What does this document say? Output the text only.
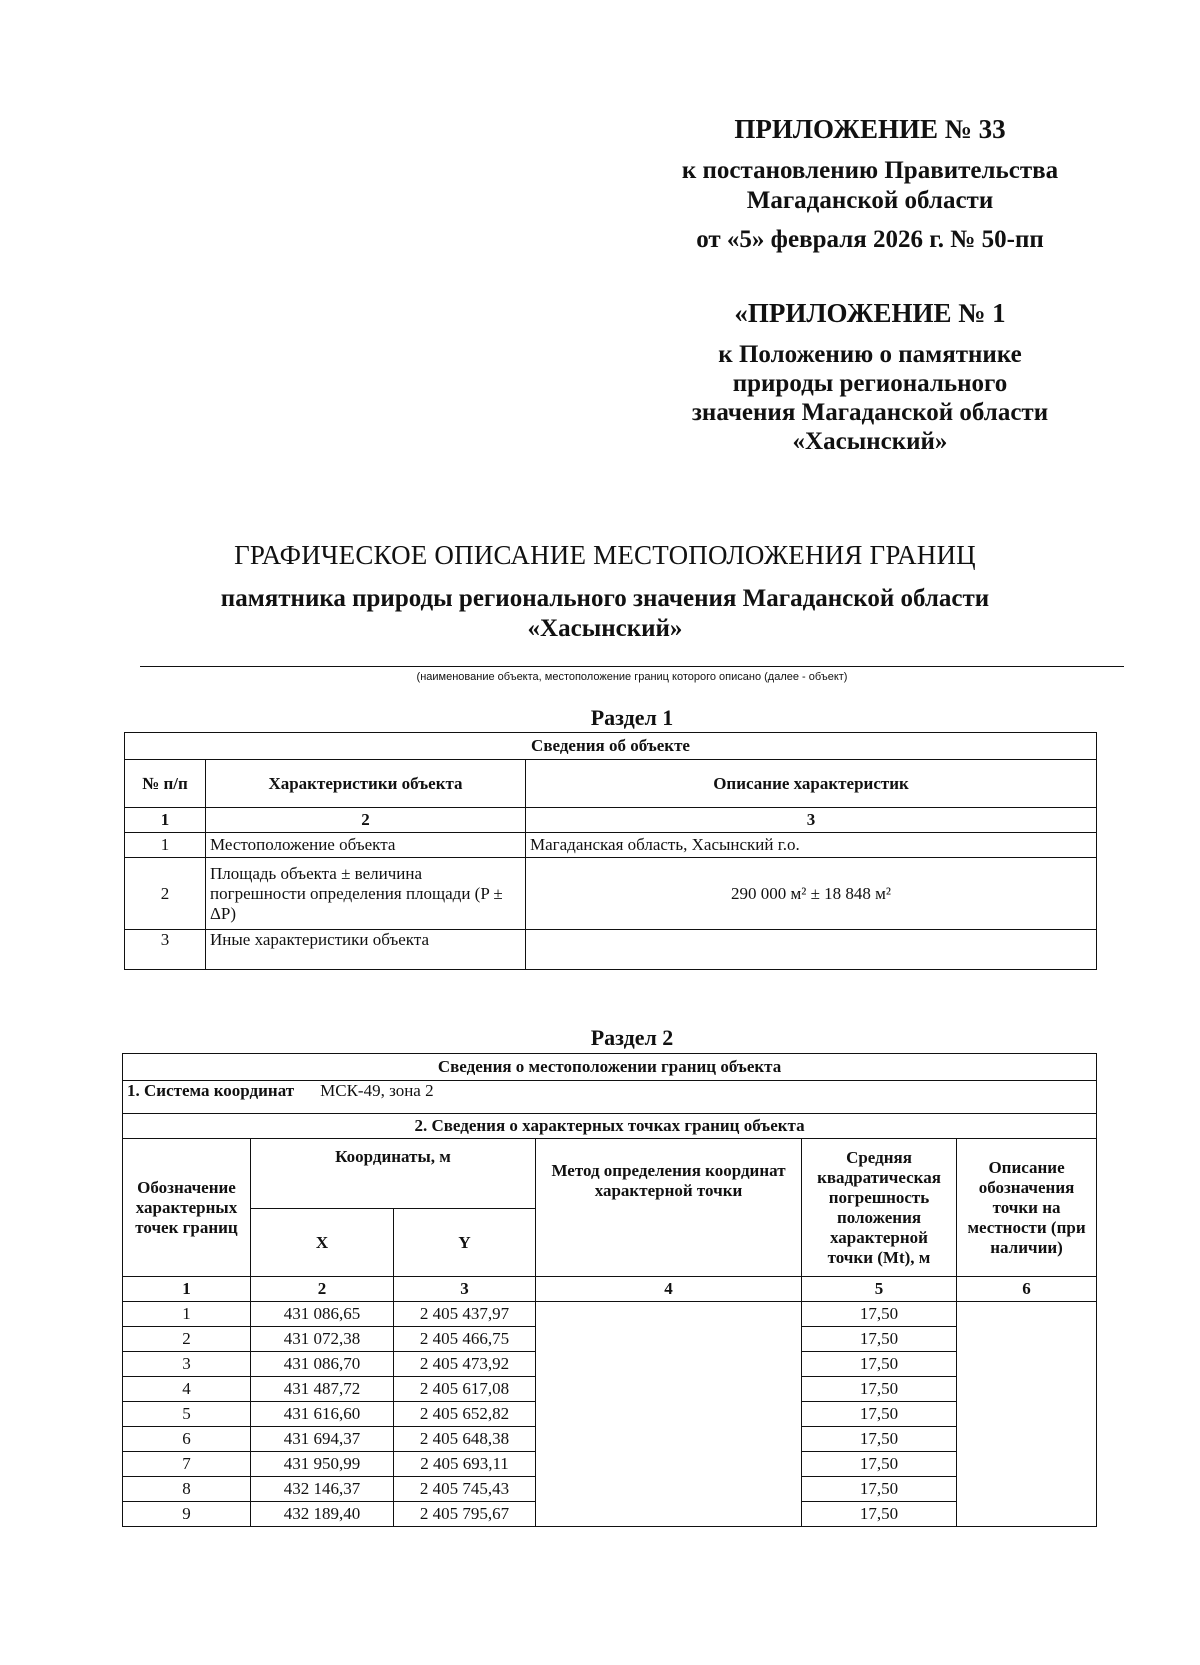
ПРИЛОЖЕНИЕ № 33
к постановлению Правительства
Магаданской области
от «5» февраля 2026 г. № 50-пп
«ПРИЛОЖЕНИЕ № 1
к Положению о памятнике
природы регионального
значения Магаданской области
«Хасынский»
ГРАФИЧЕСКОЕ ОПИСАНИЕ МЕСТОПОЛОЖЕНИЯ ГРАНИЦ
памятника природы регионального значения Магаданской области
«Хасынский»
(наименование объекта, местоположение границ которого описано (далее - объект)
Раздел 1
Сведения об объекте		
№ п/п	Характеристики объекта	Описание характеристик
1	2	3
1	Местоположение объекта	Магаданская область, Хасынский г.о.
2	Площадь объекта ± величина погрешности определения площади (P ± ΔP)	290 000 м² ± 18 848 м²
3	Иные характеристики объекта	
Раздел 2
Сведения о местоположении границ объекта					
1. Система координат МСК-49, зона 2					
2. Сведения о характерных точках границ объекта					
Обозначение характерных точек границ	Координаты, м		Метод определения координат характерной точки	Средняя квадратическая погрешность положения характерной точки (Mt), м	Описание обозначения точки на местности (при наличии)
	X	Y			
1	2	3	4	5	6
1	431 086,65	2 405 437,97		17,50	
2	431 072,38	2 405 466,75		17,50	
3	431 086,70	2 405 473,92		17,50	
4	431 487,72	2 405 617,08		17,50	
5	431 616,60	2 405 652,82		17,50	
6	431 694,37	2 405 648,38		17,50	
7	431 950,99	2 405 693,11		17,50	
8	432 146,37	2 405 745,43		17,50	
9	432 189,40	2 405 795,67		17,50	
